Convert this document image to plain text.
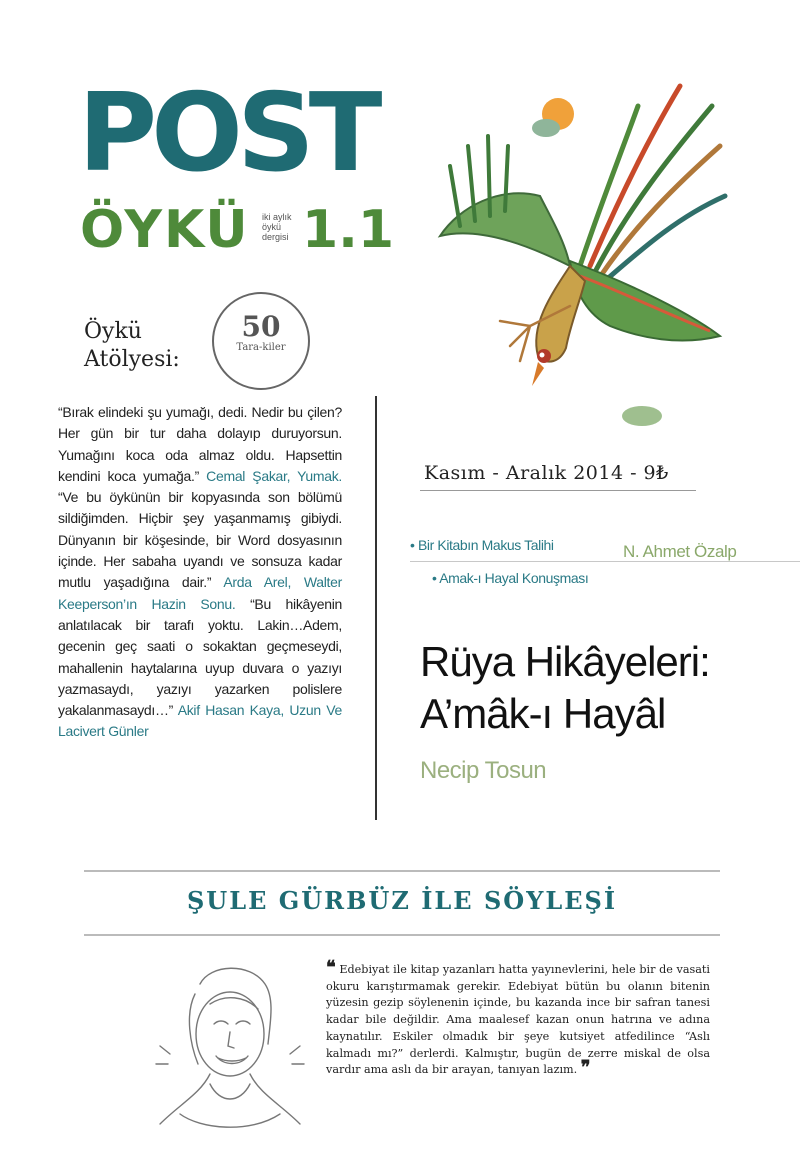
POST
ÖYKÜ iki aylık öykü dergisi 1.1
Öykü
Atölyesi:
50
Tara-kiler
“Bırak elindeki şu yumağı, dedi. Nedir bu çilen? Her gün bir tur daha dolayıp duruyorsun. Yumağını koca oda almaz oldu. Hapsettin kendini koca yumağa.” Cemal Şakar, Yumak. “Ve bu öykünün bir kopyasında son bölümü sildiğimden. Hiçbir şey yaşanmamış gibiydi. Dünyanın bir köşesinde, bir Word dosyasının içinde. Her sabaha uyandı ve sonsuza kadar mutlu yaşadığına dair.” Arda Arel, Walter Keeperson’ın Hazin Sonu. “Bu hikâyenin anlatılacak bir tarafı yoktu. Lakin…Adem, gecenin geç saati o sokaktan geçmeseydi, mahallenin haytalarına uyup duvara o yazıyı yazmasaydı, yazıyı yazarken polislere yakalanmasaydı…” Akif Hasan Kaya, Uzun Ve Lacivert Günler
Kasım - Aralık 2014 - 9₺
• Bir Kitabın Makus Talihi	N. Ahmet Özalp
• Amak-ı Hayal Konuşması
Rüya Hikâyeleri:
A’mâk-ı Hayâl
Necip Tosun
ŞULE GÜRBÜZ İLE SÖYLEŞİ
❝ Edebiyat ile kitap yazanları hatta yayınevlerini, hele bir de vasati okuru karıştırmamak gerekir. Edebiyat bütün bu olanın bitenin yüzesin gezip söylenenin içinde, bu kazanda ince bir safran tanesi kadar bile değildir. Ama maalesef kazan onun hatrına ve adına kaynatılır. Eskiler olmadık bir şeye kutsiyet atfedilince “Aslı kalmadı mı?” derlerdi. Kalmıştır, bugün de zerre miskal de olsa vardır ama aslı da bir arayan, tanıyan lazım. ❞
